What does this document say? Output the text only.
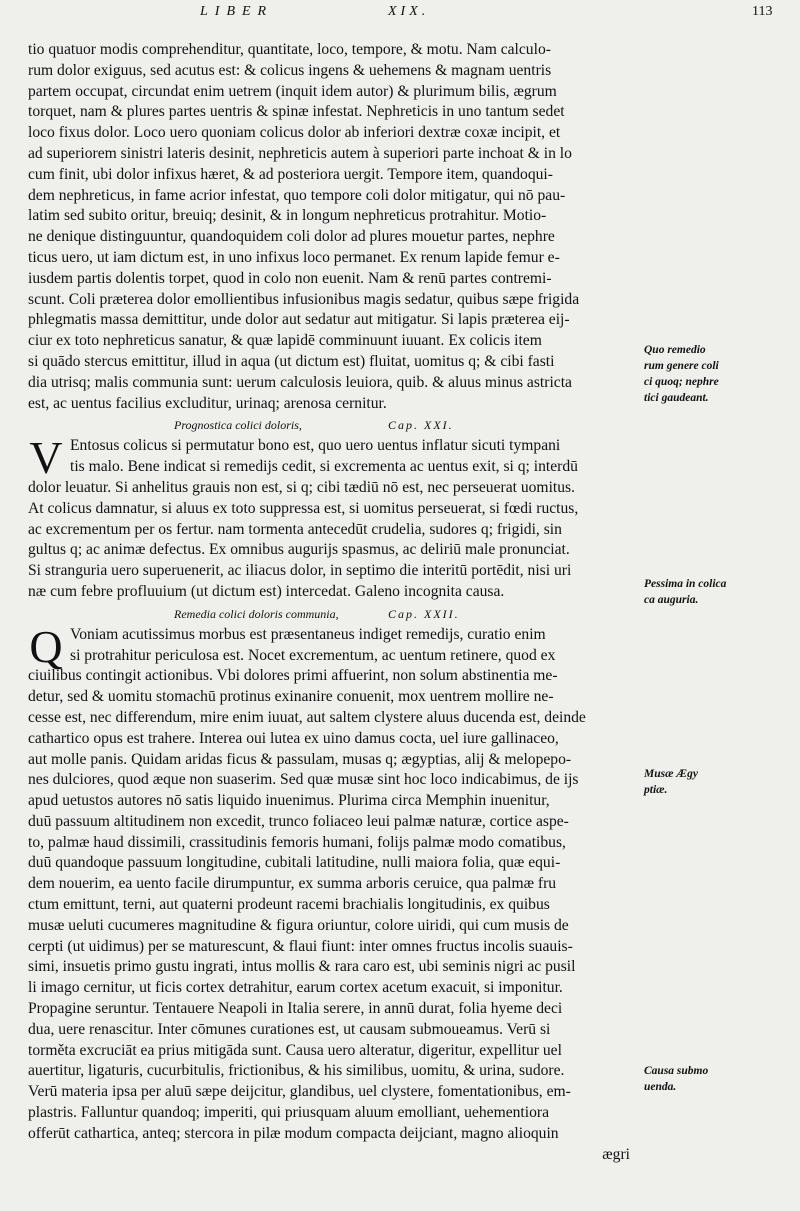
LIBER	XIX.	113
tio quatuor modis comprehenditur, quantitate, loco, tempore, & motu. Nam calculo-
rum dolor exiguus, sed acutus est: & colicus ingens & uehemens & magnam uentris
partem occupat, circundat enim uetrem (inquit idem autor) & plurimum bilis, ægrum
torquet, nam & plures partes uentris & spinæ infestat. Nephreticis in uno tantum sedet
loco fixus dolor. Loco uero quoniam colicus dolor ab inferiori dextræ coxæ incipit, et
ad superiorem sinistri lateris desinit, nephreticis autem à superiori parte inchoat & in lo
cum finit, ubi dolor infixus hæret, & ad posteriora uergit. Tempore item, quandoqui-
dem nephreticus, in fame acrior infestat, quo tempore coli dolor mitigatur, qui nō pau-
latim sed subito oritur, breuiq; desinit, & in longum nephreticus protrahitur. Motio-
ne denique distinguuntur, quandoquidem coli dolor ad plures mouetur partes, nephre
ticus uero, ut iam dictum est, in uno infixus loco permanet. Ex renum lapide femur e-
iusdem partis dolentis torpet, quod in colo non euenit. Nam & renū partes contremi-
scunt. Coli præterea dolor emollientibus infusionibus magis sedatur, quibus sæpe frigida
phlegmatis massa demittitur, unde dolor aut sedatur aut mitigatur. Si lapis præterea eij-
ciur ex toto nephreticus sanatur, & quæ lapidē comminuunt iuuant. Ex colicis item
si quādo stercus emittitur, illud in aqua (ut dictum est) fluitat, uomitus q; & cibi fasti
dia utrisq; malis communia sunt: uerum calculosis leuiora, quib. & aluus minus astricta
est, ac uentus facilius excluditur, urinaq; arenosa cernitur.
Prognostica colici doloris,	Cap. XXI.
V Entosus colicus si permutatur bono est, quo uero uentus inflatur sicuti tympani
tis malo. Bene indicat si remedijs cedit, si excrementa ac uentus exit, si q; interdū
dolor leuatur. Si anhelitus grauis non est, si q; cibi tædiū nō est, nec perseuerat uomitus.
At colicus damnatur, si aluus ex toto suppressa est, si uomitus perseuerat, si fœdi ructus,
ac excrementum per os fertur. nam tormenta antecedūt crudelia, sudores q; frigidi, sin
gultus q; ac animæ defectus. Ex omnibus augurijs spasmus, ac deliriū male pronunciat.
Si stranguria uero superuenerit, ac iliacus dolor, in septimo die interitū portēdit, nisi uri
næ cum febre profluuium (ut dictum est) intercedat. Galeno incognita causa.
Remedia colici doloris communia,	Cap. XXII.
Q Voniam acutissimus morbus est præsentaneus indiget remedijs, curatio enim
si protrahitur periculosa est. Nocet excrementum, ac uentum retinere, quod ex
ciuilibus contingit actionibus. Vbi dolores primi affuerint, non solum abstinentia me-
detur, sed & uomitu stomachū protinus exinanire conuenit, mox uentrem mollire ne-
cesse est, nec differendum, mire enim iuuat, aut saltem clystere aluus ducenda est, deinde
cathartico opus est trahere. Interea oui lutea ex uino damus cocta, uel iure gallinaceo,
aut molle panis. Quidam aridas ficus & passulam, musas q; ægyptias, alij & melopepo-
nes dulciores, quod æque non suaserim. Sed quæ musæ sint hoc loco indicabimus, de ijs
apud uetustos autores nō satis liquido inuenimus. Plurima circa Memphin inuenitur,
duū passuum altitudinem non excedit, trunco foliaceo leui palmæ naturæ, cortice aspe-
to, palmæ haud dissimili, crassitudinis femoris humani, folijs palmæ modo comatibus,
duū quandoque passuum longitudine, cubitali latitudine, nulli maiora folia, quæ equi-
dem nouerim, ea uento facile dirumpuntur, ex summa arboris ceruice, qua palmæ fru
ctum emittunt, terni, aut quaterni prodeunt racemi brachialis longitudinis, ex quibus
musæ ueluti cucumeres magnitudine & figura oriuntur, colore uiridi, qui cum musis de
cerpti (ut uidimus) per se maturescunt, & flaui fiunt: inter omnes fructus incolis suauis-
simi, insuetis primo gustu ingrati, intus mollis & rara caro est, ubi seminis nigri ac pusil
li imago cernitur, ut ficis cortex detrahitur, earum cortex acetum exacuit, si imponitur.
Propagine seruntur. Tentauere Neapoli in Italia serere, in annū durat, folia hyeme deci
dua, uere renascitur. Inter cōmunes curationes est, ut causam submoueamus. Verū si
torměta excruciāt ea prius mitigāda sunt. Causa uero alteratur, digeritur, expellitur uel
auertitur, ligaturis, cucurbitulis, frictionibus, & his similibus, uomitu, & urina, sudore.
Verū materia ipsa per aluū sæpe deijcitur, glandibus, uel clystere, fomentationibus, em-
plastris. Falluntur quandoq; imperiti, qui priusquam aluum emolliant, uehementiora
offerūt cathartica, anteq; stercora in pilæ modum compacta deijciant, magno alioquin
ægri
Quo remedio
rum genere coli
ci quoq; nephre
tici gaudeant.
Pessima in colica
ca auguria.
Musæ Ægy
ptiæ.
Causa submo
uenda.
